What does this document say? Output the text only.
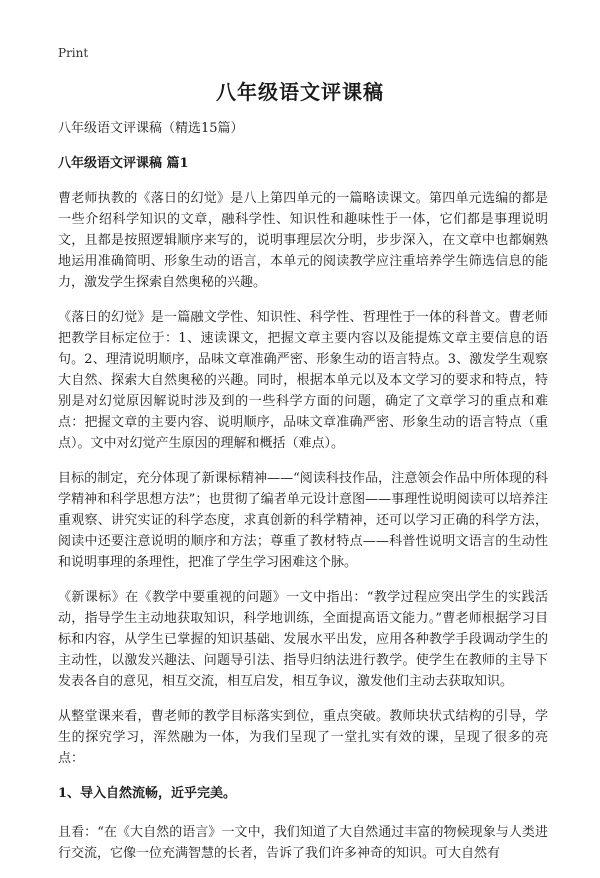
Print
八年级语文评课稿

八年级语文评课稿（精选15篇）

八年级语文评课稿 篇1

曹老师执教的《落日的幻觉》是八上第四单元的一篇略读课文。第四单元选编的都是一些介绍科学知识的文章，融科学性、知识性和趣味性于一体，它们都是事理说明文，且都是按照逻辑顺序来写的，说明事理层次分明，步步深入，在文章中也都娴熟地运用准确简明、形象生动的语言，本单元的阅读教学应注重培养学生筛选信息的能力，激发学生探索自然奥秘的兴趣。

《落日的幻觉》是一篇融文学性、知识性、科学性、哲理性于一体的科普文。曹老师把教学目标定位于：1、速读课文，把握文章主要内容以及能提炼文章主要信息的语句。2、理清说明顺序，品味文章准确严密、形象生动的语言特点。3、激发学生观察大自然、探索大自然奥秘的兴趣。同时，根据本单元以及本文学习的要求和特点，特别是对幻觉原因解说时涉及到的一些科学方面的问题，确定了文章学习的重点和难点：把握文章的主要内容、说明顺序，品味文章准确严密、形象生动的语言特点（重点）。文中对幻觉产生原因的理解和概括（难点）。

目标的制定，充分体现了新课标精神——“阅读科技作品，注意领会作品中所体现的科学精神和科学思想方法”；也贯彻了编者单元设计意图——事理性说明阅读可以培养注重观察、讲究实证的科学态度，求真创新的科学精神，还可以学习正确的科学方法，阅读中还要注意说明的顺序和方法；尊重了教材特点——科普性说明文语言的生动性和说明事理的条理性，把准了学生学习困难这个脉。

《新课标》在《教学中要重视的问题》一文中指出：“教学过程应突出学生的实践活动，指导学生主动地获取知识，科学地训练，全面提高语文能力。”曹老师根据学习目标和内容，从学生已掌握的知识基础、发展水平出发，应用各种教学手段调动学生的主动性，以激发兴趣法、问题导引法、指导归纳法进行教学。使学生在教师的主导下发表各自的意见，相互交流，相互启发，相互争议，激发他们主动去获取知识。

从整堂课来看，曹老师的教学目标落实到位，重点突破。教师块状式结构的引导，学生的探究学习，浑然融为一体，为我们呈现了一堂扎实有效的课，呈现了很多的亮点：

1、导入自然流畅，近乎完美。

且看：“在《大自然的语言》一文中，我们知道了大自然通过丰富的物候现象与人类进行交流，它像一位充满智慧的长者，告诉了我们许多神奇的知识。可大自然有
